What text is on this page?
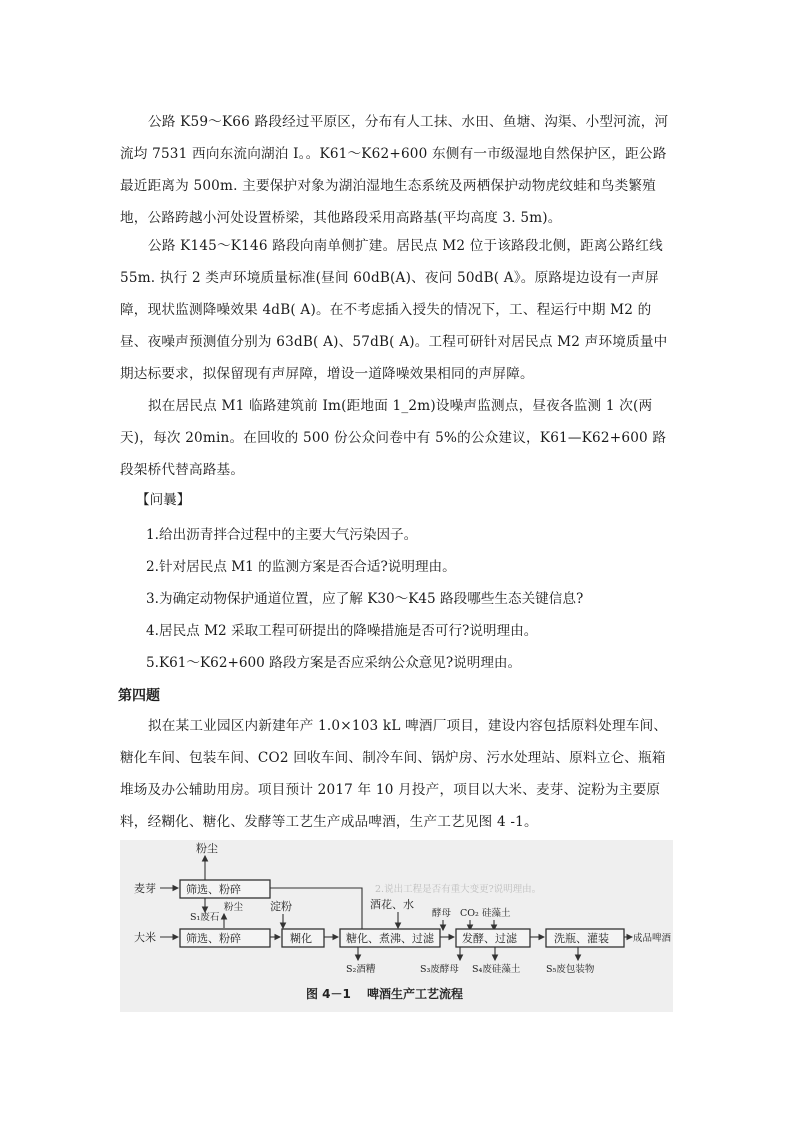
公路 K59～K66 路段经过平原区，分布有人工抹、水田、鱼塘、沟渠、小型河流，河流均 7531 西向东流向湖泊 I。。K61～K62+600 东侧有一市级湿地自然保护区，距公路最近距离为 500m. 主要保护对象为湖泊湿地生态系统及两栖保护动物虎纹蛙和鸟类繁殖地，公路跨越小河处设置桥梁，其他路段采用高路基(平均高度 3. 5m)。

公路 K145～K146 路段向南单侧扩建。居民点 M2 位于该路段北侧，距离公路红线 55m. 执行 2 类声环境质量标准(昼间 60dB(A)、夜问 50dB( A》。原路堤边设有一声屏障，现状监测降噪效果 4dB( A)。在不考虑插入授失的情况下，工、程运行中期 M2 的昼、夜噪声预测值分别为 63dB( A)、57dB( A)。工程可研针对居民点 M2 声环境质量中期达标要求，拟保留现有声屏障，增设一道降噪效果相同的声屏障。

拟在居民点 M1 临路建筑前 Im(距地面 1_2m)设噪声监测点，昼夜各监测 1 次(两天)，每次 20min。在回收的 500 份公众问卷中有 5%的公众建议，K61—K62+600 路段架桥代替高路基。

【问曩】

1.给出沥青拌合过程中的主要大气污染因子。

2.针对居民点 M1 的监测方案是否合适?说明理由。

3.为确定动物保护通道位置，应了解 K30～K45 路段哪些生态关键信息?

4.居民点 M2 采取工程可研提出的降噪措施是否可行?说明理由。

5.K61～K62+600 路段方案是否应采纳公众意见?说明理由。

第四题

拟在某工业园区内新建年产 1.0×103 kL 啤酒厂项目，建设内容包括原料处理车间、糖化车间、包装车间、CO2 回收车间、制冷车间、锅炉房、污水处理站、原料立仑、瓶箱堆场及办公辅助用房。项目预计 2017 年 10 月投产，项目以大米、麦芽、淀粉为主要原料，经糊化、糖化、发酵等工艺生产成品啤酒，生产工艺见图 4 -1。

2.说出工程是否有重大变更?说明理由。
粉尘
麦芽	筛选、粉碎
粉尘
S₁废石
淀粉	酒花、水
酵母 CO₂ 硅藻土
大米	筛选、粉碎	糊化	糖化、煮沸、过滤
S₂酒糟
发酵、过滤
S₃废酵母 S₄废硅藻土
洗瓶、灌装	成品啤酒
S₅废包装物
图 4－1　 啤酒生产工艺流程
